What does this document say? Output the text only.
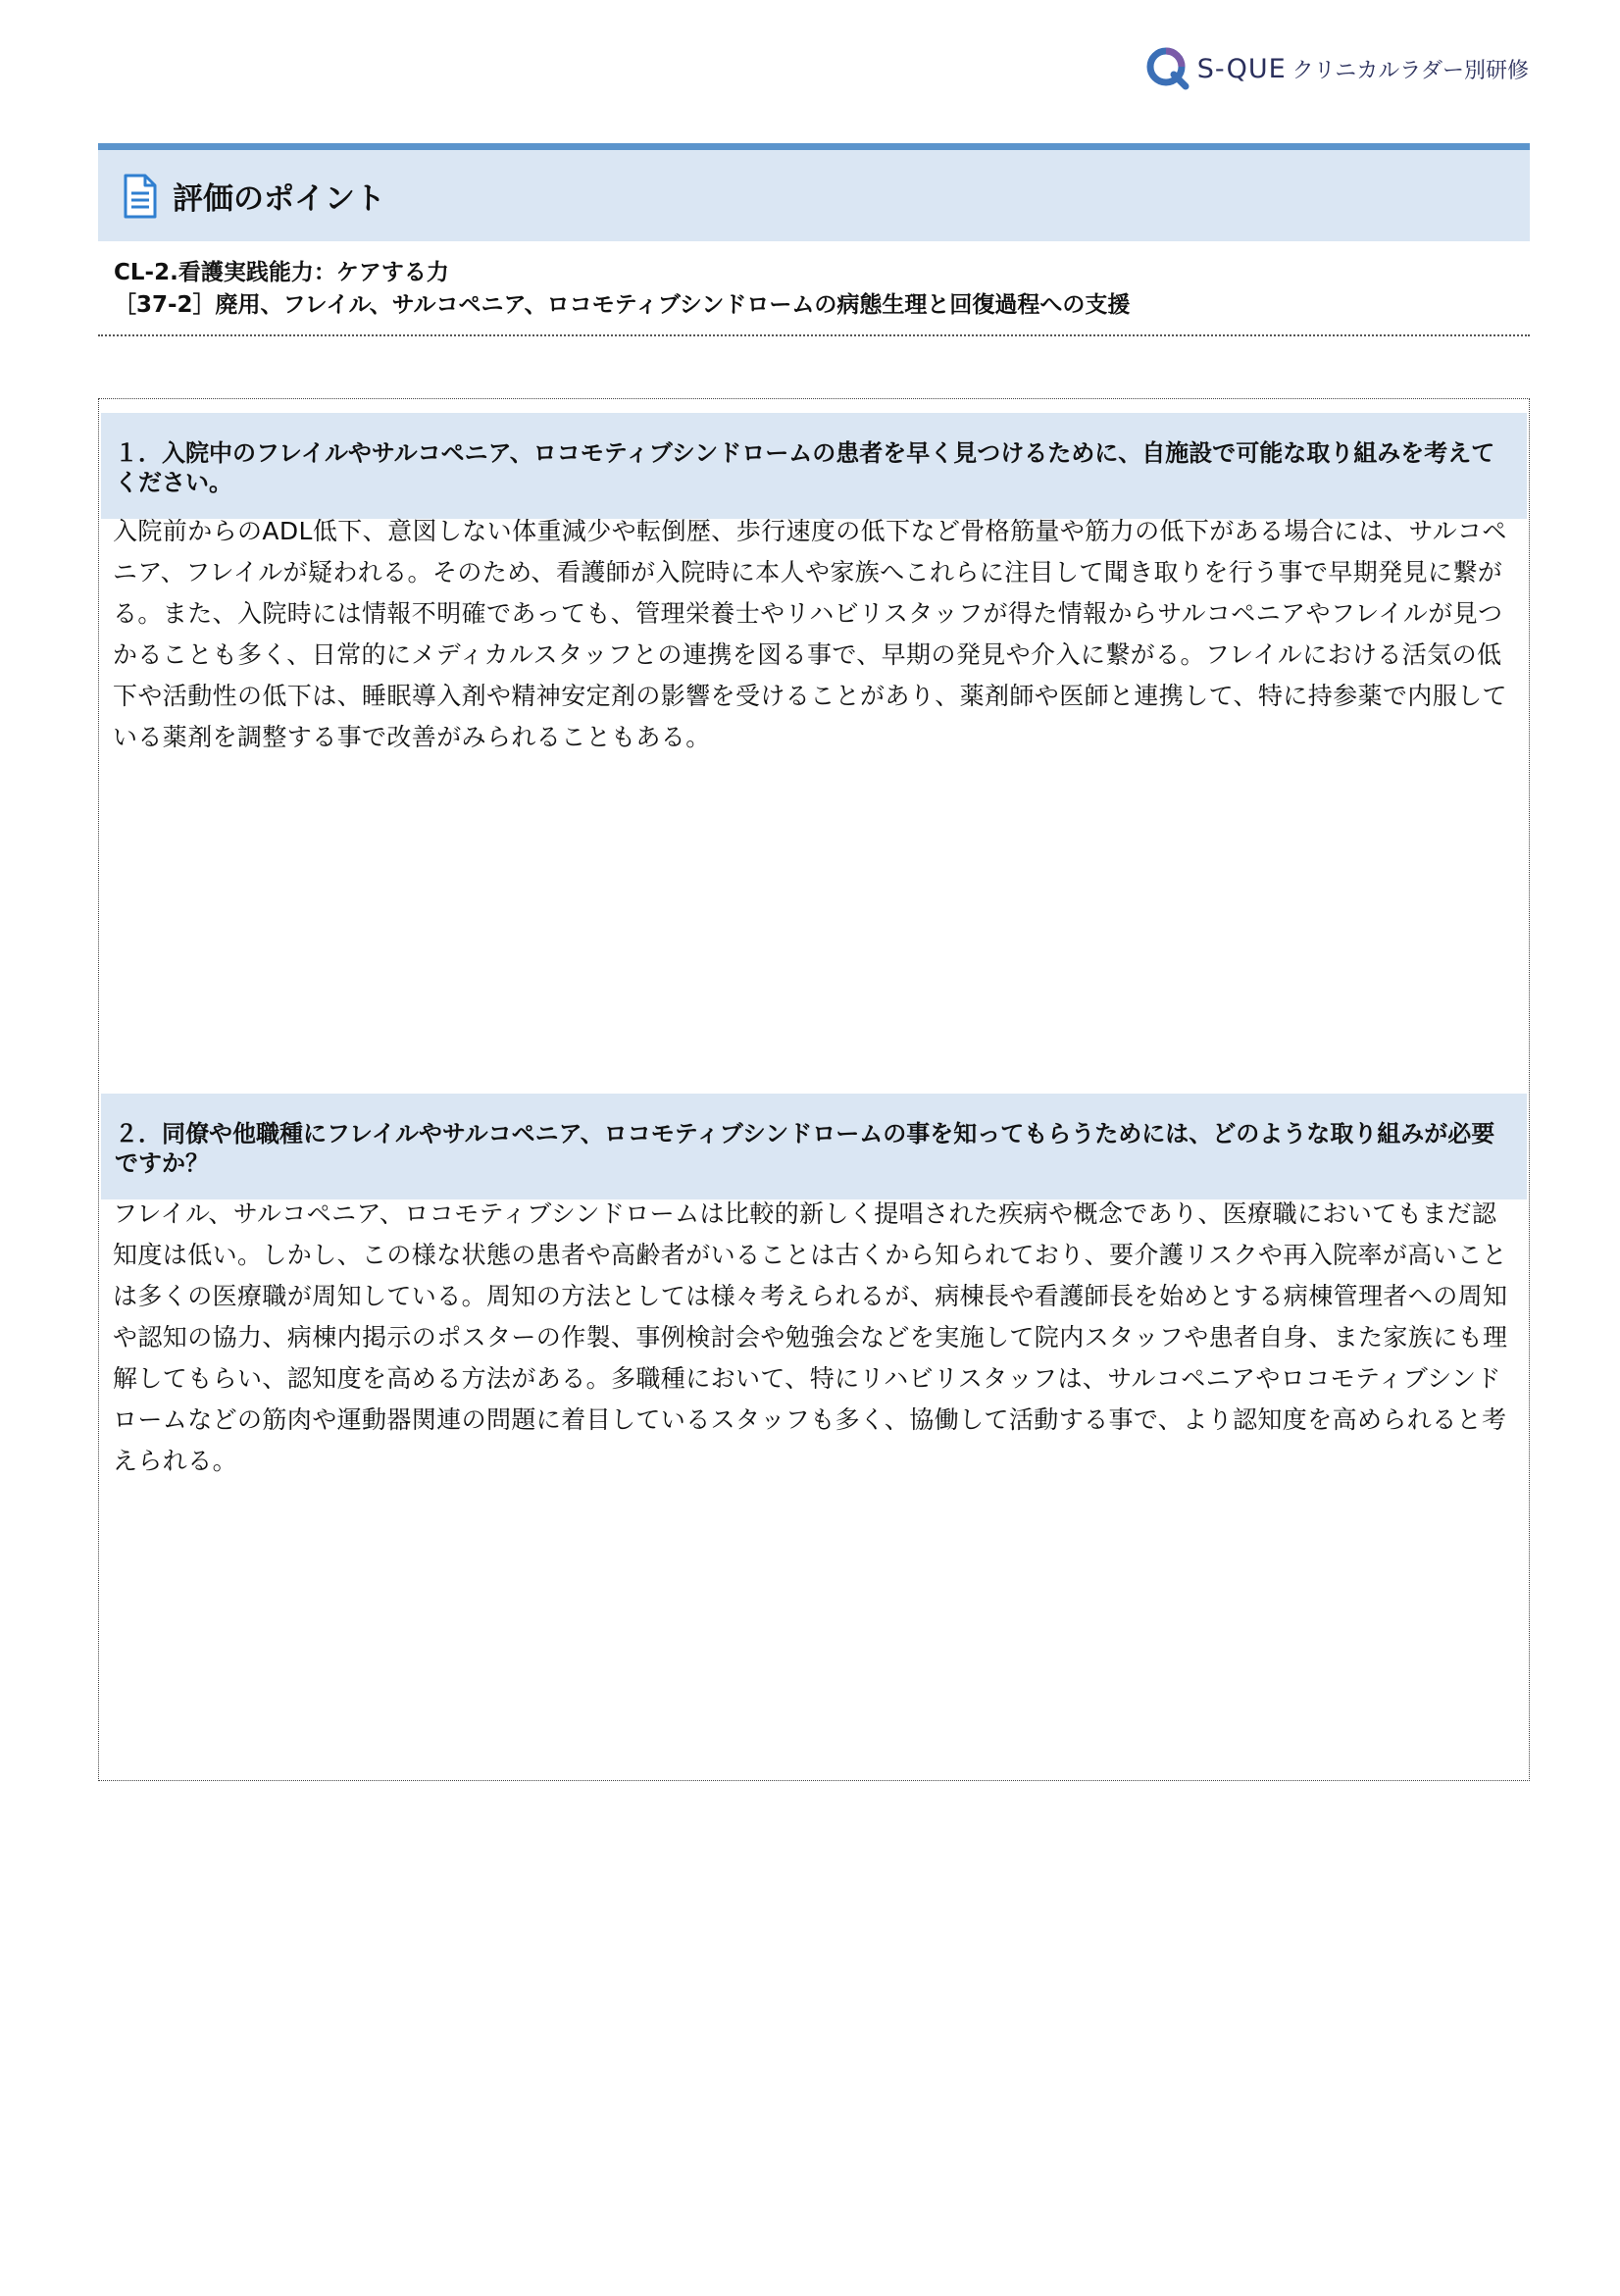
S-QUE クリニカルラダー別研修
評価のポイント
CL-2.看護実践能力：ケアする力
［37-2］廃用、フレイル、サルコペニア、ロコモティブシンドロームの病態生理と回復過程への支援
１．入院中のフレイルやサルコペニア、ロコモティブシンドロームの患者を早く見つけるために、自施設で可能な取り組みを考えてください。
入院前からのADL低下、意図しない体重減少や転倒歴、歩行速度の低下など骨格筋量や筋力の低下がある場合には、サルコペニア、フレイルが疑われる。そのため、看護師が入院時に本人や家族へこれらに注目して聞き取りを行う事で早期発見に繋がる。また、入院時には情報不明確であっても、管理栄養士やリハビリスタッフが得た情報からサルコペニアやフレイルが見つかることも多く、日常的にメディカルスタッフとの連携を図る事で、早期の発見や介入に繋がる。フレイルにおける活気の低下や活動性の低下は、睡眠導入剤や精神安定剤の影響を受けることがあり、薬剤師や医師と連携して、特に持参薬で内服している薬剤を調整する事で改善がみられることもある。
２．同僚や他職種にフレイルやサルコペニア、ロコモティブシンドロームの事を知ってもらうためには、どのような取り組みが必要ですか？
フレイル、サルコペニア、ロコモティブシンドロームは比較的新しく提唱された疾病や概念であり、医療職においてもまだ認知度は低い。しかし、この様な状態の患者や高齢者がいることは古くから知られており、要介護リスクや再入院率が高いことは多くの医療職が周知している。周知の方法としては様々考えられるが、病棟長や看護師長を始めとする病棟管理者への周知や認知の協力、病棟内掲示のポスターの作製、事例検討会や勉強会などを実施して院内スタッフや患者自身、また家族にも理解してもらい、認知度を高める方法がある。多職種において、特にリハビリスタッフは、サルコペニアやロコモティブシンドロームなどの筋肉や運動器関連の問題に着目しているスタッフも多く、協働して活動する事で、より認知度を高められると考えられる。
